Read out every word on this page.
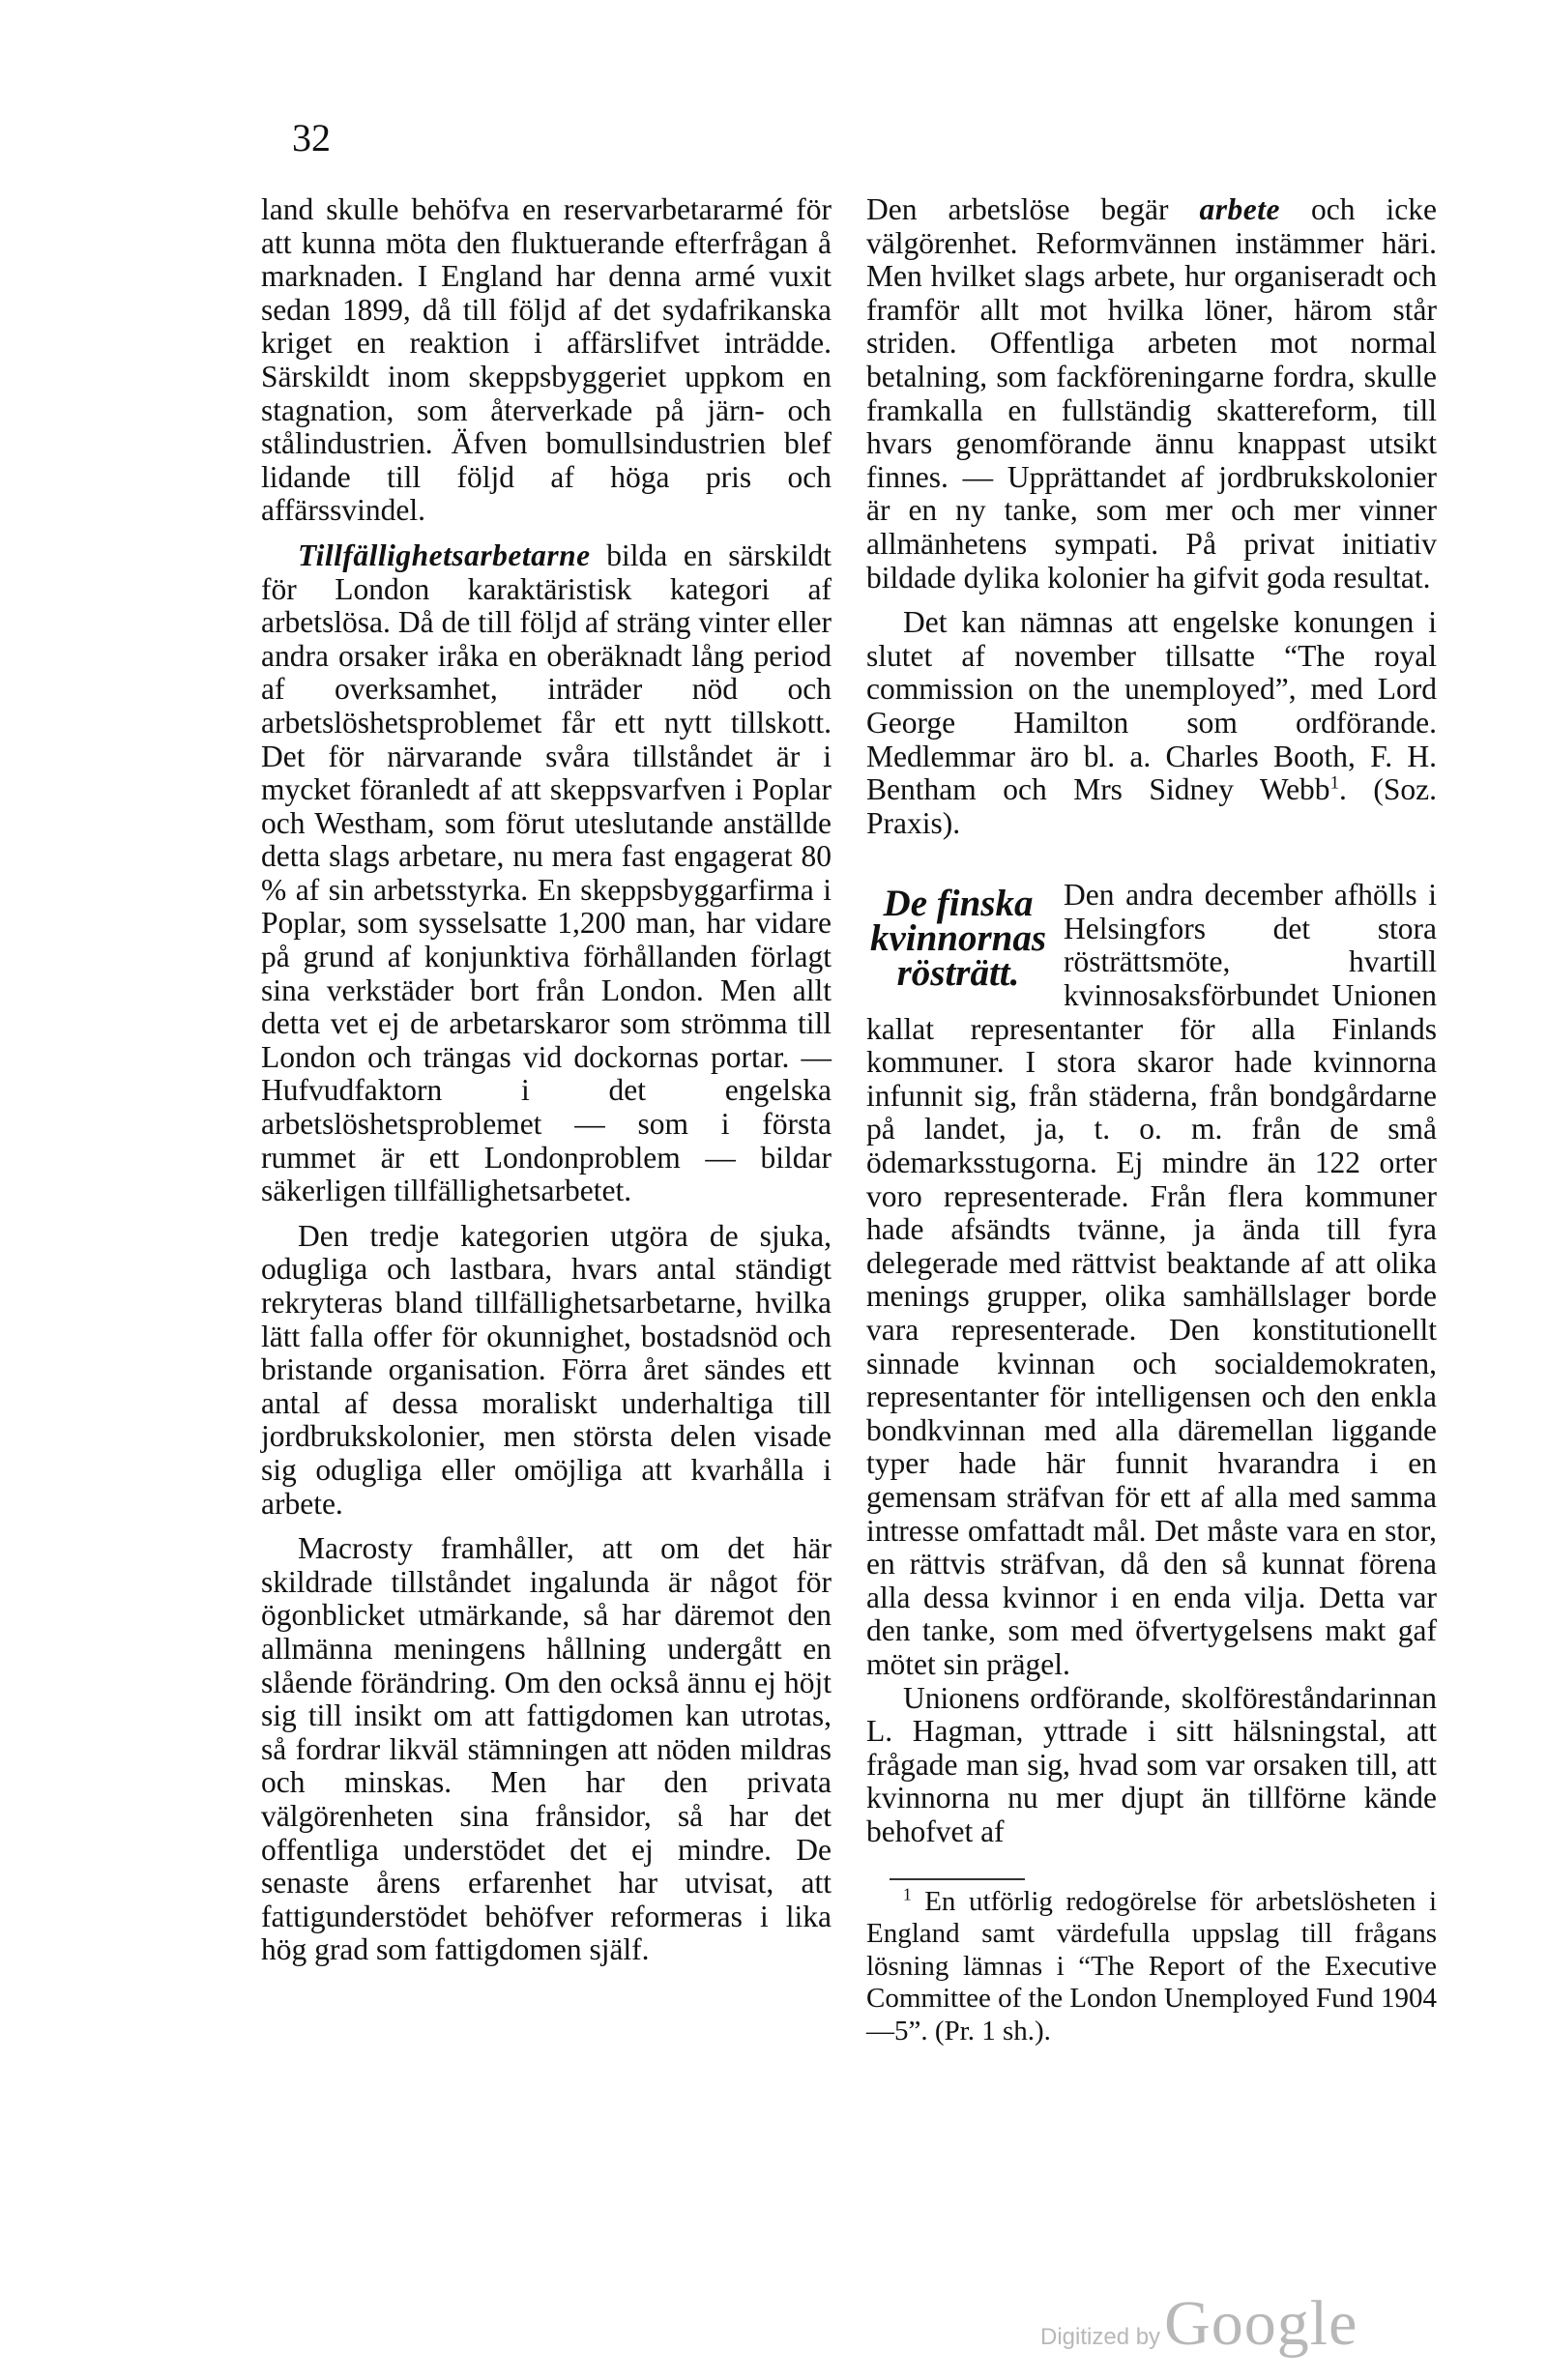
32

land skulle behöfva en reservarbetararmé för att kunna möta den fluktuerande efterfrågan å marknaden. I England har denna armé vuxit sedan 1899, då till följd af det sydafrikanska kriget en reaktion i affärslifvet inträdde. Särskildt inom skeppsbyggeriet uppkom en stagnation, som återverkade på järn- och stålindustrien. Äfven bomullsindustrien blef lidande till följd af höga pris och affärssvindel.

Tillfällighetsarbetarne bilda en särskildt för London karaktäristisk kategori af arbetslösa. Då de till följd af sträng vinter eller andra orsaker iråka en oberäknadt lång period af overksamhet, inträder nöd och arbetslöshetsproblemet får ett nytt tillskott. Det för närvarande svåra tillståndet är i mycket föranledt af att skeppsvarfven i Poplar och Westham, som förut uteslutande anställde detta slags arbetare, nu mera fast engagerat 80 % af sin arbetsstyrka. En skeppsbyggarfirma i Poplar, som sysselsatte 1,200 man, har vidare på grund af konjunktiva förhållanden förlagt sina verkstäder bort från London. Men allt detta vet ej de arbetarskaror som strömma till London och trängas vid dockornas portar. — Hufvudfaktorn i det engelska arbetslöshetsproblemet — som i första rummet är ett Londonproblem — bildar säkerligen tillfällighetsarbetet.

Den tredje kategorien utgöra de sjuka, odugliga och lastbara, hvars antal ständigt rekryteras bland tillfällighetsarbetarne, hvilka lätt falla offer för okunnighet, bostadsnöd och bristande organisation. Förra året sändes ett antal af dessa moraliskt underhaltiga till jordbrukskolonier, men största delen visade sig odugliga eller omöjliga att kvarhålla i arbete.

Macrosty framhåller, att om det här skildrade tillståndet ingalunda är något för ögonblicket utmärkande, så har däremot den allmänna meningens hållning undergått en slående förändring. Om den också ännu ej höjt sig till insikt om att fattigdomen kan utrotas, så fordrar likväl stämningen att nöden mildras och minskas. Men har den privata välgörenheten sina frånsidor, så har det offentliga understödet det ej mindre. De senaste årens erfarenhet har utvisat, att fattigunderstödet behöfver reformeras i lika hög grad som fattigdomen själf.

Den arbetslöse begär arbete och icke välgörenhet. Reformvännen instämmer häri. Men hvilket slags arbete, hur organiseradt och framför allt mot hvilka löner, härom står striden. Offentliga arbeten mot normal betalning, som fackföreningarne fordra, skulle framkalla en fullständig skattereform, till hvars genomförande ännu knappast utsikt finnes. — Upprättandet af jordbrukskolonier är en ny tanke, som mer och mer vinner allmänhetens sympati. På privat initiativ bildade dylika kolonier ha gifvit goda resultat.

Det kan nämnas att engelske konungen i slutet af november tillsatte “The royal commission on the unemployed”, med Lord George Hamilton som ordförande. Medlemmar äro bl. a. Charles Booth, F. H. Bentham och Mrs Sidney Webb$^1$. (Soz. Praxis).

De finska
kvinnornas
rösträtt.

Den andra december afhölls i Helsingfors det stora rösträttsmöte, hvartill kvinnosaksförbundet Unionen kallat representanter för alla Finlands kommuner. I stora skaror hade kvinnorna infunnit sig, från städerna, från bondgårdarne på landet, ja, t. o. m. från de små ödemarksstugorna. Ej mindre än 122 orter voro representerade. Från flera kommuner hade afsändts tvänne, ja ända till fyra delegerade med rättvist beaktande af att olika menings grupper, olika samhällslager borde vara representerade. Den konstitutionellt sinnade kvinnan och socialdemokraten, representanter för intelligensen och den enkla bondkvinnan med alla däremellan liggande typer hade här funnit hvarandra i en gemensam sträfvan för ett af alla med samma intresse omfattadt mål. Det måste vara en stor, en rättvis sträfvan, då den så kunnat förena alla dessa kvinnor i en enda vilja. Detta var den tanke, som med öfvertygelsens makt gaf mötet sin prägel.

Unionens ordförande, skolföreståndarinnan L. Hagman, yttrade i sitt hälsningstal, att frågade man sig, hvad som var orsaken till, att kvinnorna nu mer djupt än tillförne kände behofvet af

$^1$ En utförlig redogörelse för arbetslösheten i England samt värdefulla uppslag till frågans lösning lämnas i “The Report of the Executive Committee of the London Unemployed Fund 1904—5”. (Pr. 1 sh.).

Digitized by Google
